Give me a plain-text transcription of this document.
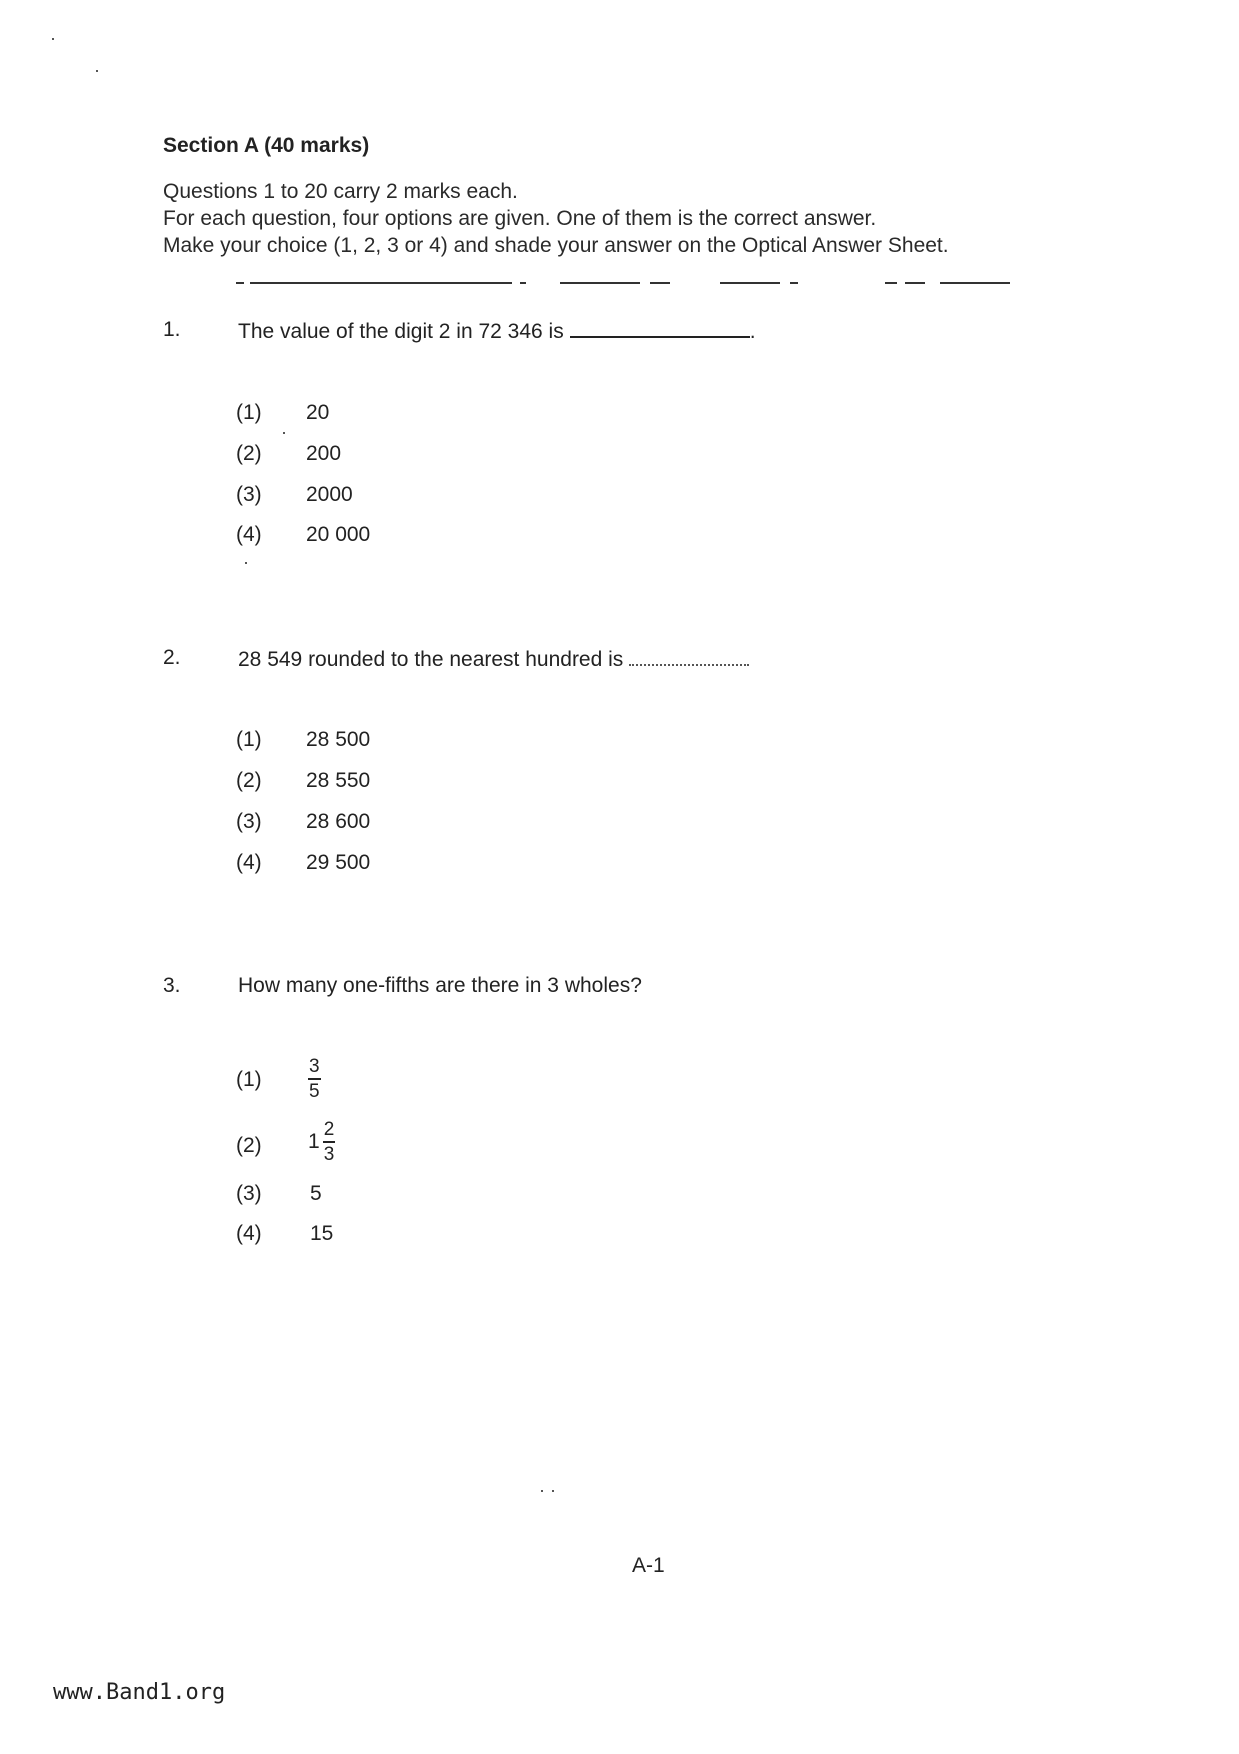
Section A (40 marks)
Questions 1 to 20 carry 2 marks each.
For each question, four options are given. One of them is the correct answer.
Make your choice (1, 2, 3 or 4) and shade your answer on the Optical Answer Sheet.
1.	The value of the digit 2 in 72 346 is	.
(1) 20
(2) 200
(3) 2000
(4) 20 000
2.	28 549 rounded to the nearest hundred is
(1) 28 500
(2) 28 550
(3) 28 600
(4) 29 500
3.	How many one-fifths are there in 3 wholes?
$(1) \frac{3}{5}$
(2) $1 \frac{2}{3}$
(3) 5
(4) 15
A-1
www.Band1.org
